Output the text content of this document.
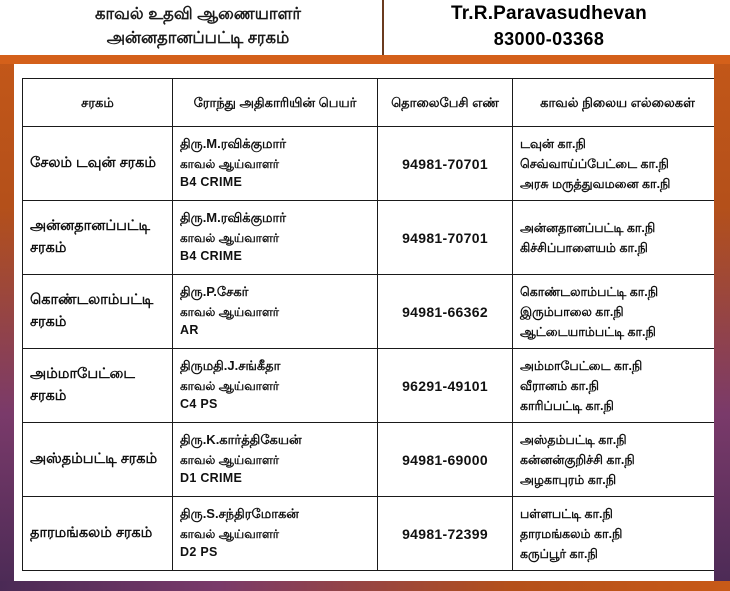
காவல் உதவி ஆணையாளர்
அன்னதானப்பட்டி சரகம்
Tr.R.Paravasudhevan
83000-03368
சரகம்	ரோந்து அதிகாரியின் பெயர்	தொலைபேசி எண்	காவல் நிலைய எல்லைகள்
சேலம் டவுன் சரகம்	திரு.M.ரவிக்குமார்
காவல் ஆய்வாளர்
B4 CRIME	94981-70701	டவுன் கா.நி
செவ்வாய்ப்பேட்டை கா.நி
அரசு மருத்துவமனை கா.நி

அன்னதானப்பட்டி சரகம்	திரு.M.ரவிக்குமார்
காவல் ஆய்வாளர்
B4 CRIME	94981-70701	அன்னதானப்பட்டி கா.நி
கிச்சிப்பாளையம் கா.நி

கொண்டலாம்பட்டி சரகம்	திரு.P.சேகர்
காவல் ஆய்வாளர்
AR	94981-66362	கொண்டலாம்பட்டி கா.நி
இரும்பாலை கா.நி
ஆட்டையாம்பட்டி கா.நி

அம்மாபேட்டை சரகம்	திருமதி.J.சங்கீதா
காவல் ஆய்வாளர்
C4 PS	96291-49101	அம்மாபேட்டை கா.நி
வீரானம் கா.நி
காரிப்பட்டி கா.நி

அஸ்தம்பட்டி சரகம்	திரு.K.கார்த்திகேயன்
காவல் ஆய்வாளர்
D1 CRIME	94981-69000	அஸ்தம்பட்டி கா.நி
கன்னன்குறிச்சி கா.நி
அழகாபுரம் கா.நி

தாரமங்கலம் சரகம்	திரு.S.சந்திரமோகன்
காவல் ஆய்வாளர்
D2 PS	94981-72399	பள்ளபட்டி கா.நி
தாரமங்கலம் கா.நி
கருப்பூர் கா.நி
